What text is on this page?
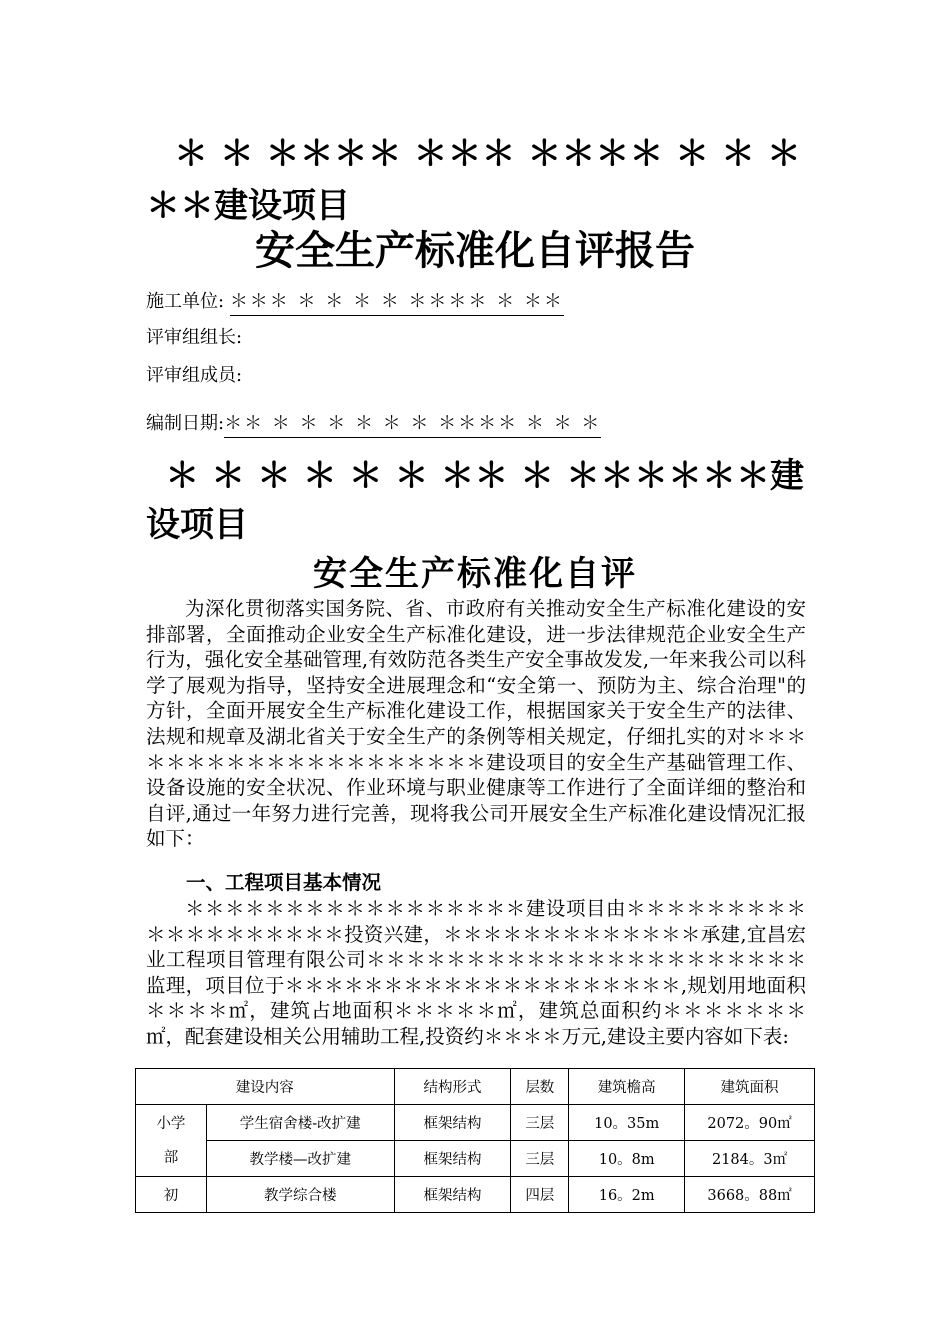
＊ ＊ ＊＊＊＊ ＊＊＊ ＊＊＊＊ ＊ ＊ ＊＊＊建设项目
安全生产标准化自评报告
施工单位: ＊＊＊ ＊ ＊ ＊ ＊ ＊＊＊＊ ＊ ＊＊
评审组组长:
评审组成员:
编制日期:＊＊ ＊ ＊ ＊ ＊ ＊ ＊ ＊＊＊＊ ＊ ＊ ＊
＊ ＊ ＊ ＊ ＊ ＊ ＊＊ ＊ ＊＊＊＊＊＊建
设项目
安全生产标准化自评
为深化贯彻落实国务院、省、市政府有关推动安全生产标准化建设的安排部署，全面推动企业安全生产标准化建设，进一步法律规范企业安全生产行为，强化安全基础管理,有效防范各类生产安全事故发发,一年来我公司以科学了展观为指导，坚持安全进展理念和“安全第一、预防为主、综合治理"的方针，全面开展安全生产标准化建设工作，根据国家关于安全生产的法律、法规和规章及湖北省关于安全生产的条例等相关规定，仔细扎实的对＊＊＊＊＊＊＊＊＊＊＊＊＊＊＊＊＊＊＊＊建设项目的安全生产基础管理工作、设备设施的安全状况、作业环境与职业健康等工作进行了全面详细的整治和自评,通过一年努力进行完善，现将我公司开展安全生产标准化建设情况汇报如下：
一、工程项目基本情况
＊＊＊＊＊＊＊＊＊＊＊＊＊＊＊＊＊建设项目由＊＊＊＊＊＊＊＊＊＊＊＊＊＊＊＊＊＊＊投资兴建，＊＊＊＊＊＊＊＊＊＊＊＊＊承建,宜昌宏业工程项目管理有限公司＊＊＊＊＊＊＊＊＊＊＊＊＊＊＊＊＊＊＊＊＊＊监理，项目位于＊＊＊＊＊＊＊＊＊＊＊＊＊＊＊＊＊＊＊＊,规划用地面积＊＊＊＊㎡，建筑占地面积＊＊＊＊＊㎡，建筑总面积约＊＊＊＊＊＊＊㎡，配套建设相关公用辅助工程,投资约＊＊＊＊万元,建设主要内容如下表:
建设内容		结构形式	层数	建筑檐高	建筑面积

小学
部	学生宿舍楼-改扩建	框架结构	三层	10。35m	2072。90㎡
	教学楼—改扩建	框架结构	三层	10。8m	2184。3㎡
初	教学综合楼	框架结构	四层	16。2m	3668。88㎡
